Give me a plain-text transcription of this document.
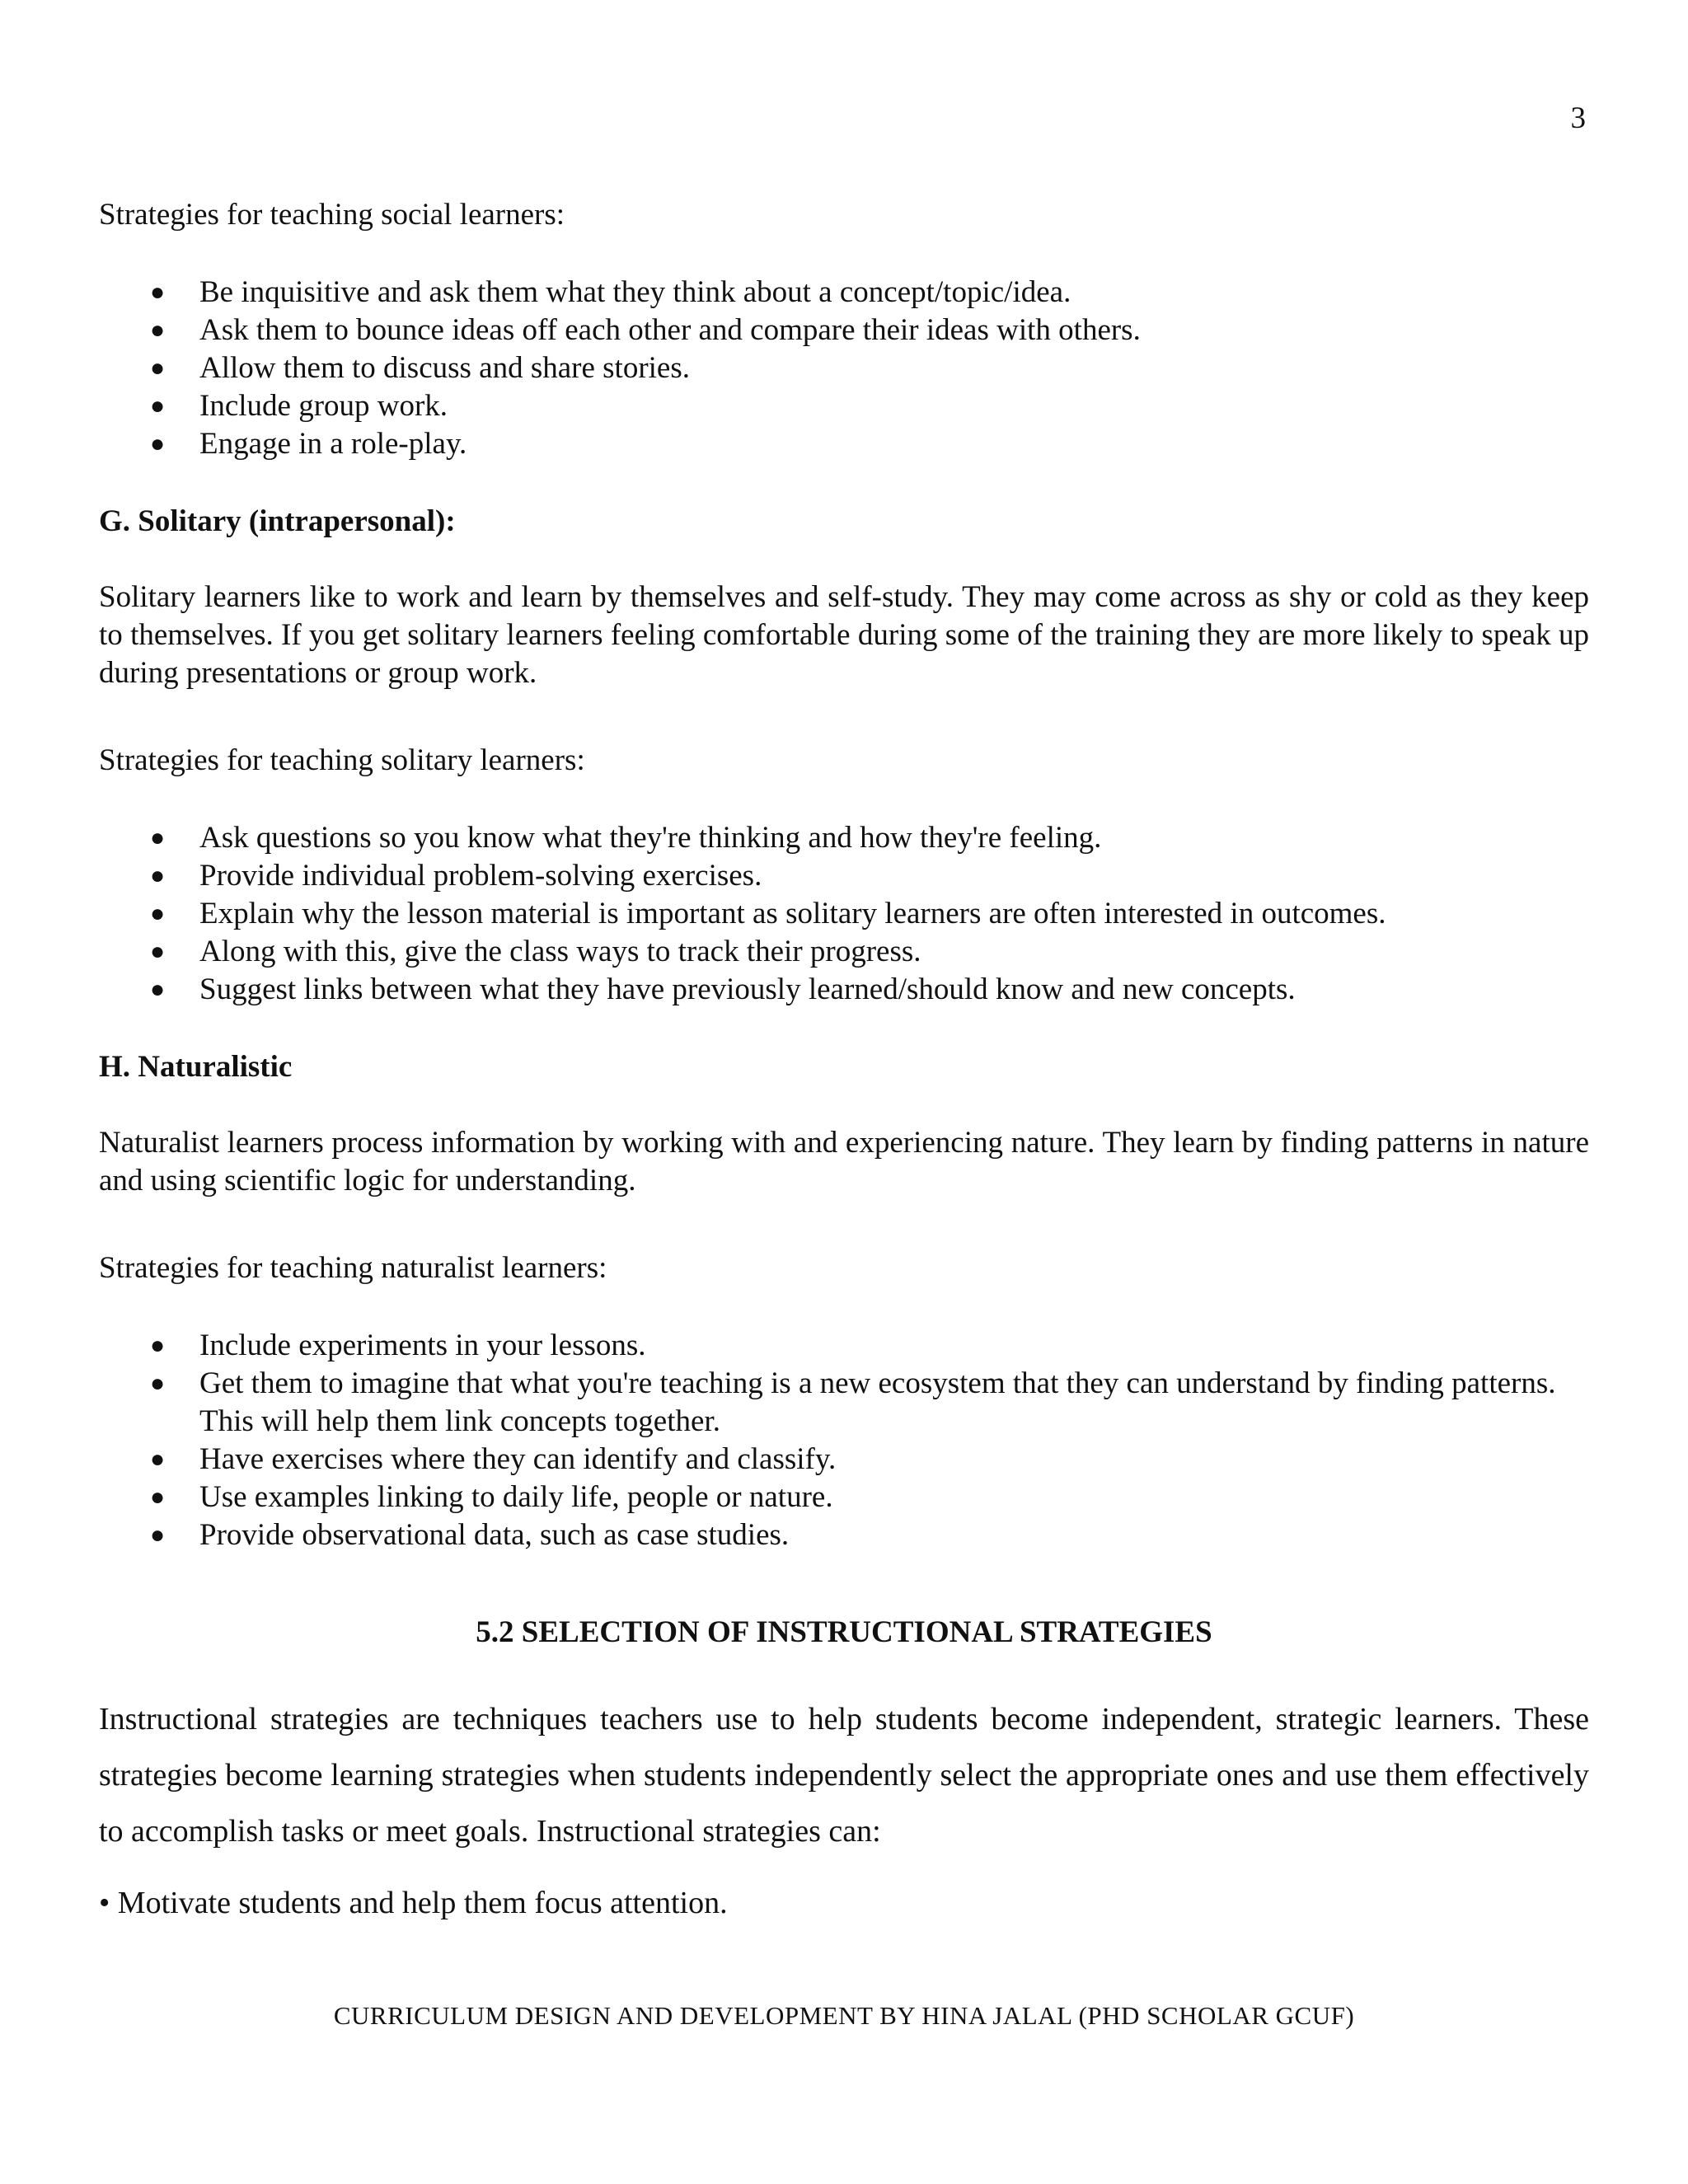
3

Strategies for teaching social learners:

● Be inquisitive and ask them what they think about a concept/topic/idea.
● Ask them to bounce ideas off each other and compare their ideas with others.
● Allow them to discuss and share stories.
● Include group work.
● Engage in a role-play.
G. Solitary (intrapersonal):

Solitary learners like to work and learn by themselves and self-study. They may come across as shy or cold as they keep to themselves. If you get solitary learners feeling comfortable during some of the training they are more likely to speak up during presentations or group work.

Strategies for teaching solitary learners:

● Ask questions so you know what they're thinking and how they're feeling.
● Provide individual problem-solving exercises.
● Explain why the lesson material is important as solitary learners are often interested in outcomes.
● Along with this, give the class ways to track their progress.
● Suggest links between what they have previously learned/should know and new concepts.
H. Naturalistic

Naturalist learners process information by working with and experiencing nature. They learn by finding patterns in nature and using scientific logic for understanding.

Strategies for teaching naturalist learners:

● Include experiments in your lessons.
● Get them to imagine that what you're teaching is a new ecosystem that they can understand by finding patterns. This will help them link concepts together.
● Have exercises where they can identify and classify.
● Use examples linking to daily life, people or nature.
● Provide observational data, such as case studies.
5.2 SELECTION OF INSTRUCTIONAL STRATEGIES

Instructional strategies are techniques teachers use to help students become independent, strategic learners. These strategies become learning strategies when students independently select the appropriate ones and use them effectively to accomplish tasks or meet goals. Instructional strategies can:

• Motivate students and help them focus attention.
CURRICULUM DESIGN AND DEVELOPMENT BY HINA JALAL (PHD SCHOLAR GCUF)
